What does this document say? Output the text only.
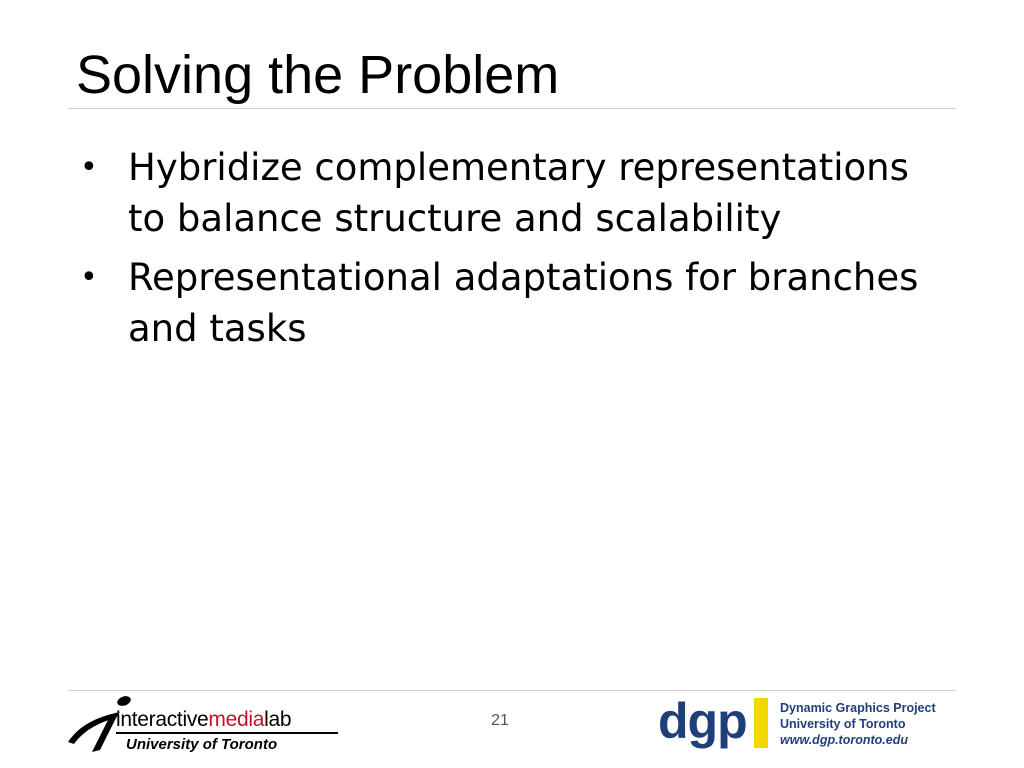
Solving the Problem
• Hybridize complementary representations to balance structure and scalability
• Representational adaptations for branches and tasks
interactivemedialab
University of Toronto
21	dgp	Dynamic Graphics Project
University of Toronto
www.dgp.toronto.edu
